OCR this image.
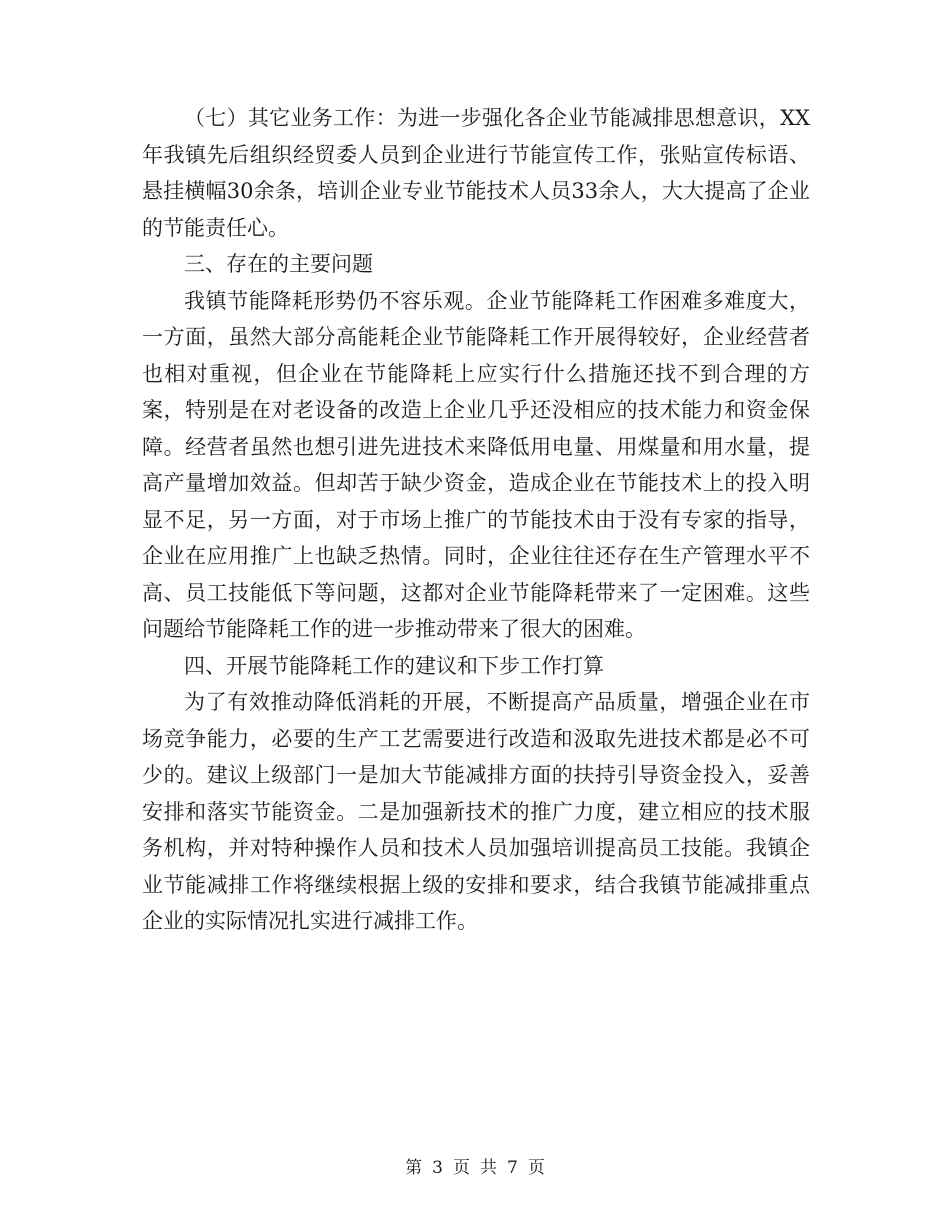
（七）其它业务工作：为进一步强化各企业节能减排思想意识，XX年我镇先后组织经贸委人员到企业进行节能宣传工作，张贴宣传标语、悬挂横幅30余条，培训企业专业节能技术人员33余人，大大提高了企业的节能责任心。

三、存在的主要问题

我镇节能降耗形势仍不容乐观。企业节能降耗工作困难多难度大，一方面，虽然大部分高能耗企业节能降耗工作开展得较好，企业经营者也相对重视，但企业在节能降耗上应实行什么措施还找不到合理的方案，特别是在对老设备的改造上企业几乎还没相应的技术能力和资金保障。经营者虽然也想引进先进技术来降低用电量、用煤量和用水量，提高产量增加效益。但却苦于缺少资金，造成企业在节能技术上的投入明显不足，另一方面，对于市场上推广的节能技术由于没有专家的指导，企业在应用推广上也缺乏热情。同时，企业往往还存在生产管理水平不高、员工技能低下等问题，这都对企业节能降耗带来了一定困难。这些问题给节能降耗工作的进一步推动带来了很大的困难。

四、开展节能降耗工作的建议和下步工作打算

为了有效推动降低消耗的开展，不断提高产品质量，增强企业在市场竞争能力，必要的生产工艺需要进行改造和汲取先进技术都是必不可少的。建议上级部门一是加大节能减排方面的扶持引导资金投入，妥善安排和落实节能资金。二是加强新技术的推广力度，建立相应的技术服务机构，并对特种操作人员和技术人员加强培训提高员工技能。我镇企业节能减排工作将继续根据上级的安排和要求，结合我镇节能减排重点企业的实际情况扎实进行减排工作。

第 3 页 共 7 页
